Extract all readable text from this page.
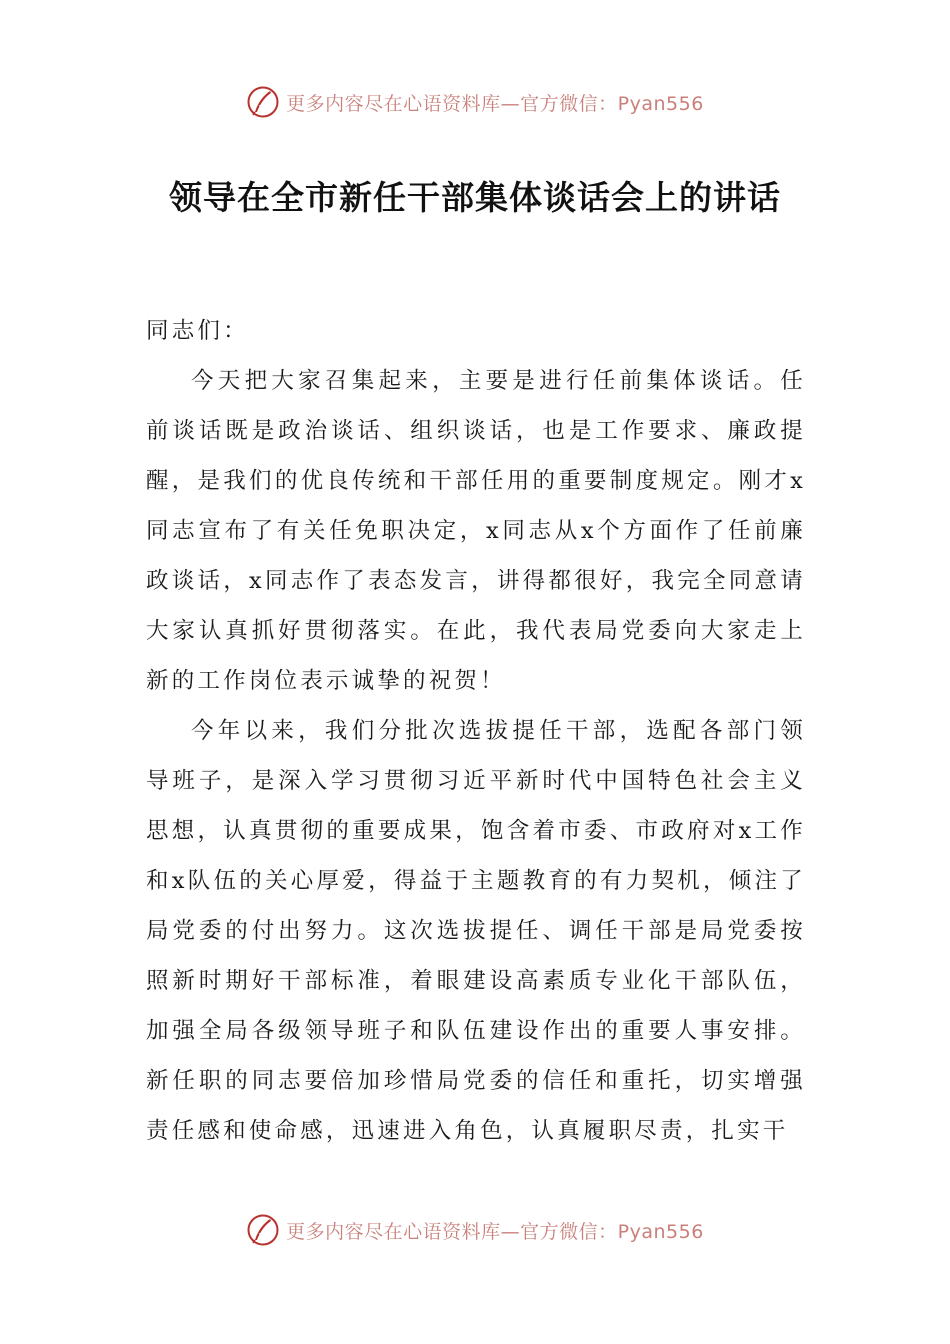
更多内容尽在心语资料库—官方微信：Pyan556
领导在全市新任干部集体谈话会上的讲话

同志们：

今天把大家召集起来，主要是进行任前集体谈话。任前谈话既是政治谈话、组织谈话，也是工作要求、廉政提醒，是我们的优良传统和干部任用的重要制度规定。刚才x同志宣布了有关任免职决定，x同志从x个方面作了任前廉政谈话，x同志作了表态发言，讲得都很好，我完全同意请大家认真抓好贯彻落实。在此，我代表局党委向大家走上新的工作岗位表示诚挚的祝贺！

今年以来，我们分批次选拔提任干部，选配各部门领导班子，是深入学习贯彻习近平新时代中国特色社会主义思想，认真贯彻的重要成果，饱含着市委、市政府对x工作和x队伍的关心厚爱，得益于主题教育的有力契机，倾注了局党委的付出努力。这次选拔提任、调任干部是局党委按照新时期好干部标准，着眼建设高素质专业化干部队伍，加强全局各级领导班子和队伍建设作出的重要人事安排。新任职的同志要倍加珍惜局党委的信任和重托，切实增强责任感和使命感，迅速进入角色，认真履职尽责，扎实干

更多内容尽在心语资料库—官方微信：Pyan556
